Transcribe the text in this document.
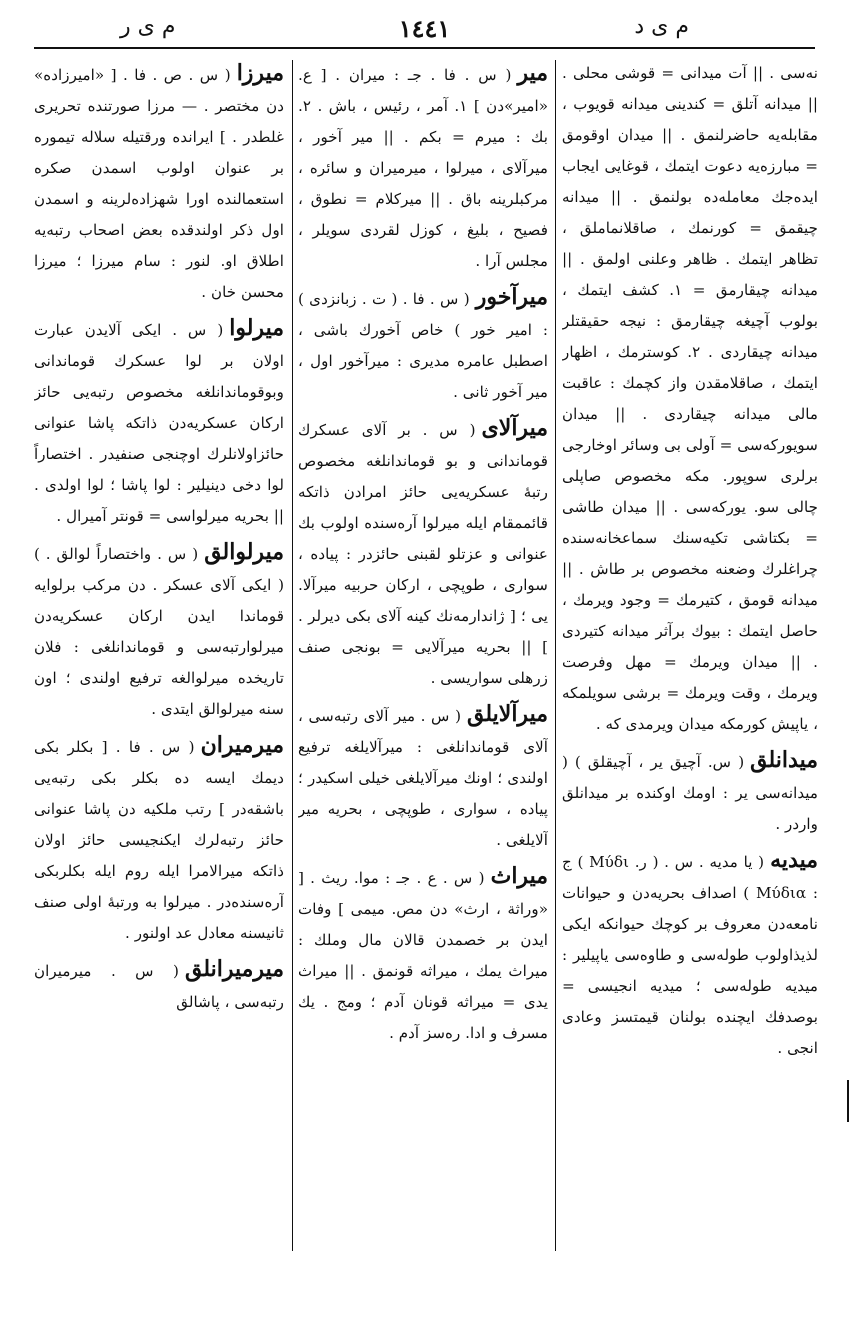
م ی ر	١٤٤١	م ی د

نه‌سی . || آت میدانی = قوشی محلی . || میدانه آتلق = کندینی میدانه قویوب ، مقابله‌یه حاضرلنمق . || میدان اوقومق = مبارزه‌یه دعوت ایتمك ، قوغایی ایجاب ایده‌جك معامله‌ده بولنمق . || میدانه چیقمق = کورنمك ، صاقلانماملق ، تظاهر ایتمك . ظاهر وعلنی اولمق . || میدانه چیقارمق = ١. کشف ایتمك ، بولوب آچیغه چیقارمق : نیجه حقیقتلر میدانه چیقاردی . ٢. کوسترمك ، اظهار ایتمك ، صاقلامقدن واز کچمك : عاقبت مالی میدانه چیقاردی . || میدان سویورکه‌سی = آولی بی وسائر اوخارجی برلری سوپور. مکه مخصوص صاپلی چالی سو. یورکه‌سی . || میدان طاشی = بکتاشی تکیه‌سنك سماعخانه‌سنده چراغلرك وضعنه مخصوص بر طاش . || میدانه قومق ، کتیرمك = وجود ویرمك ، حاصل ایتمك : بیوك برآثر میدانه کتیردی . || میدان ویرمك = مهل وفرصت ویرمك ، وقت ویرمك = برشی سویلمکه ، یاپیش کورمکه میدان ویرمدی که .

میدانلق( س. آچیق یر ، آچیقلق ) ( میدانه‌سی یر : اومك اوکنده بر میدانلق واردر .

میدیه( یا مدیه . س . ( ر. Μύδι ) ج : Μύδια ) اصداف بحریه‌دن و حیوانات نامعه‌دن معروف بر کوچك حیوانکه ایکی لذیذاولوب طوله‌سی و طاوه‌سی یاپیلیر : میدیه طوله‌سی ؛ میدیه انجیسی = بوصدفك ایچنده بولنان قیمتسز وعادی انجی .

میر( س . فا . جـ : میران . [ ع. «امیر»دن ] ١. آمر ، رئیس ، باش . ٢. بك : میرم = بکم . || میر آخور ، میرآلای ، میرلوا ، میرمیران و سائره ، مرکبلرینه باق . || میرکلام = نطوق ، فصیح ، بلیغ ، کوزل لقردی سویلر ، مجلس آرا .

میرآخور( س . فا . ( ت . زبانزدی ) : امیر خور ) خاص آخورك باشی ، اصطبل عامره مدیری : میرآخور اول ، میر آخور ثانی .

میرآلای( س . بر آلای عسکرك قوماندانی و بو قوماندانلغه مخصوص رتبه‌ٔ عسکریه‌یی حائز امرادن ذاتکه قائممقام ایله میرلوا آره‌سنده اولوب بك عنوانی و عزتلو لقبنی حائزدر : پیاده ، سواری ، طوپچی ، ارکان حربیه میرآلا. یی ؛ [ ژاندارمه‌نك کینه آلای بکی دیرلر . ] || بحریه میرآلایی = بونجی صنف زرهلی سواریسی .

میرآلایلق( س . میر آلای رتبه‌سی ، آلای قوماندانلغی : میرآلایلغه ترفیع اولندی ؛ اونك میرآلایلغی خیلی اسکیدر ؛ پیاده ، سواری ، طوپچی ، بحریه میر آلایلغی .

میراث( س . ع . جـ : موا. ریث . [ «وراثة ، ارث» دن مص. میمی ] وفات ایدن بر خصمدن قالان مال وملك : میراث یمك ، میراثه قونمق . || میراث یدی = میراثه قونان آدم ؛ ومج . یك مسرف و ادا. ره‌سز آدم .

میرزا( س . ص . فا . [ «امیرزاده» دن مختصر . — مرزا صورتنده تحریری غلطدر . ] ایرانده ورقتیله سلاله تیموره بر عنوان اولوب اسمدن صکره استعمالنده اورا شهزاده‌لرینه و اسمدن اول ذکر اولندقده بعض اصحاب رتبه‌یه اطلاق او. لنور : سام میرزا ؛ میرزا محسن خان .

میرلوا( س . ایکی آلایدن عبارت اولان بر لوا عسکرك قوماندانی وبوقوماندانلغه مخصوص رتبه‌یی حائز ارکان عسکریه‌دن ذاتکه پاشا عنوانی حائزاولانلرك اوچنجی صنفیدر . اختصاراً لوا دخی دینیلیر : لوا پاشا ؛ لوا اولدی . || بحریه میرلواسی = قونتر آمیرال .

میرلوالق( س . واختصاراً لوالق . ) ( ایکی آلای عسکر . دن مرکب برلوایه قوماندا ایدن ارکان عسکریه‌دن میرلوارتبه‌سی و قوماندانلغی : فلان تاریخده میرلوالغه ترفیع اولندی ؛ اون سنه میرلوالق ایتدی .

میرمیران( س . فا . [ بکلر بکی دیمك ایسه ده بکلر بکی رتبه‌یی باشقه‌در ] رتب ملکیه‌ دن پاشا عنوانی حائز رتبه‌لرك ایکنجیسی حائز اولان ذاتکه میرالامرا ایله روم ایله بکلربکی آره‌سنده‌در . میرلوا به ورتبه‌ٔ اولی صنف ثانیسنه معادل عد اولنور .

میرمیرانلق( س . میرمیران رتبه‌سی ، پاشالق
